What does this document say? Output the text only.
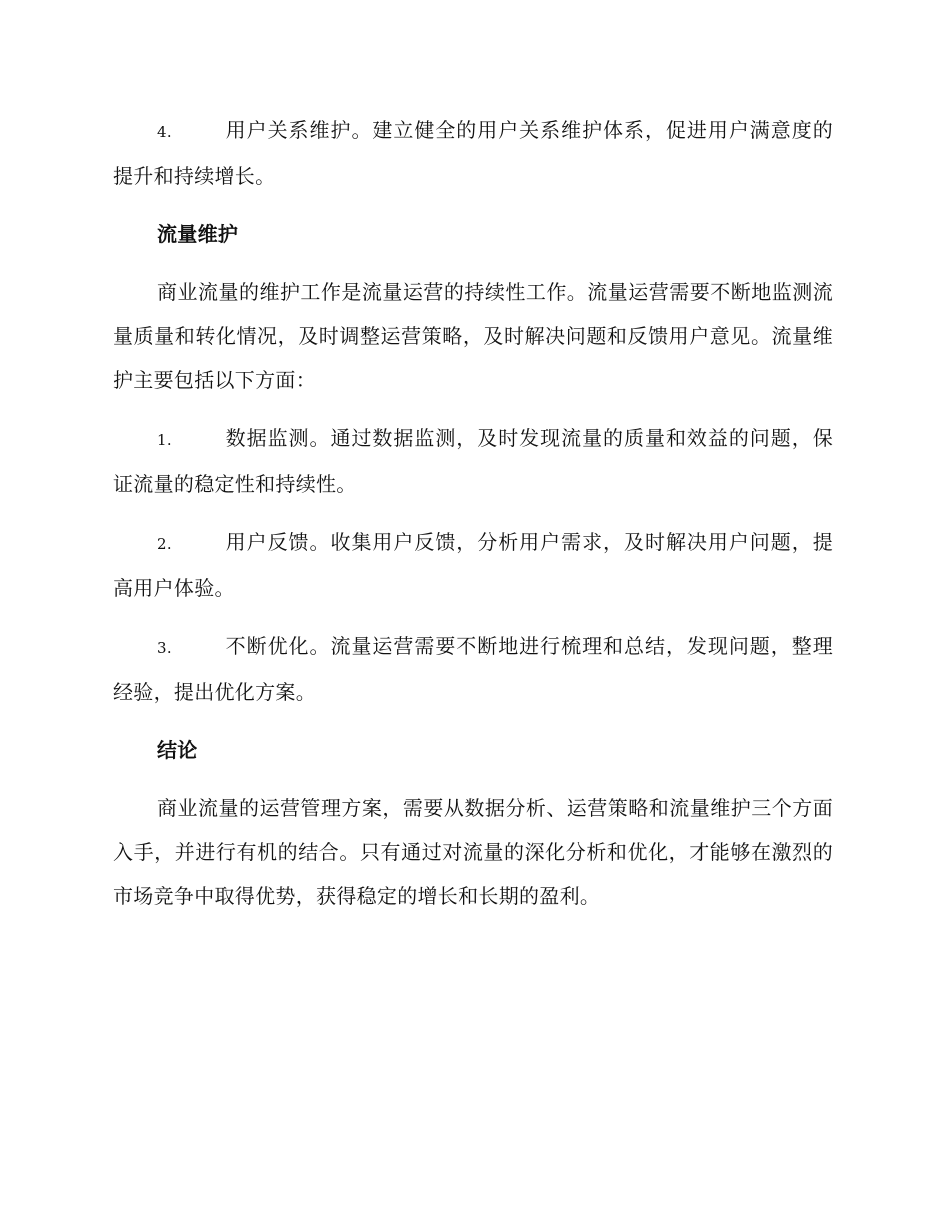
4.	用户关系维护。建立健全的用户关系维护体系，促进用户满意度的提升和持续增长。

流量维护

商业流量的维护工作是流量运营的持续性工作。流量运营需要不断地监测流量质量和转化情况，及时调整运营策略，及时解决问题和反馈用户意见。流量维护主要包括以下方面：

1.	数据监测。通过数据监测，及时发现流量的质量和效益的问题，保证流量的稳定性和持续性。

2.	用户反馈。收集用户反馈，分析用户需求，及时解决用户问题，提高用户体验。

3.	不断优化。流量运营需要不断地进行梳理和总结，发现问题，整理经验，提出优化方案。

结论

商业流量的运营管理方案，需要从数据分析、运营策略和流量维护三个方面入手，并进行有机的结合。只有通过对流量的深化分析和优化，才能够在激烈的市场竞争中取得优势，获得稳定的增长和长期的盈利。
